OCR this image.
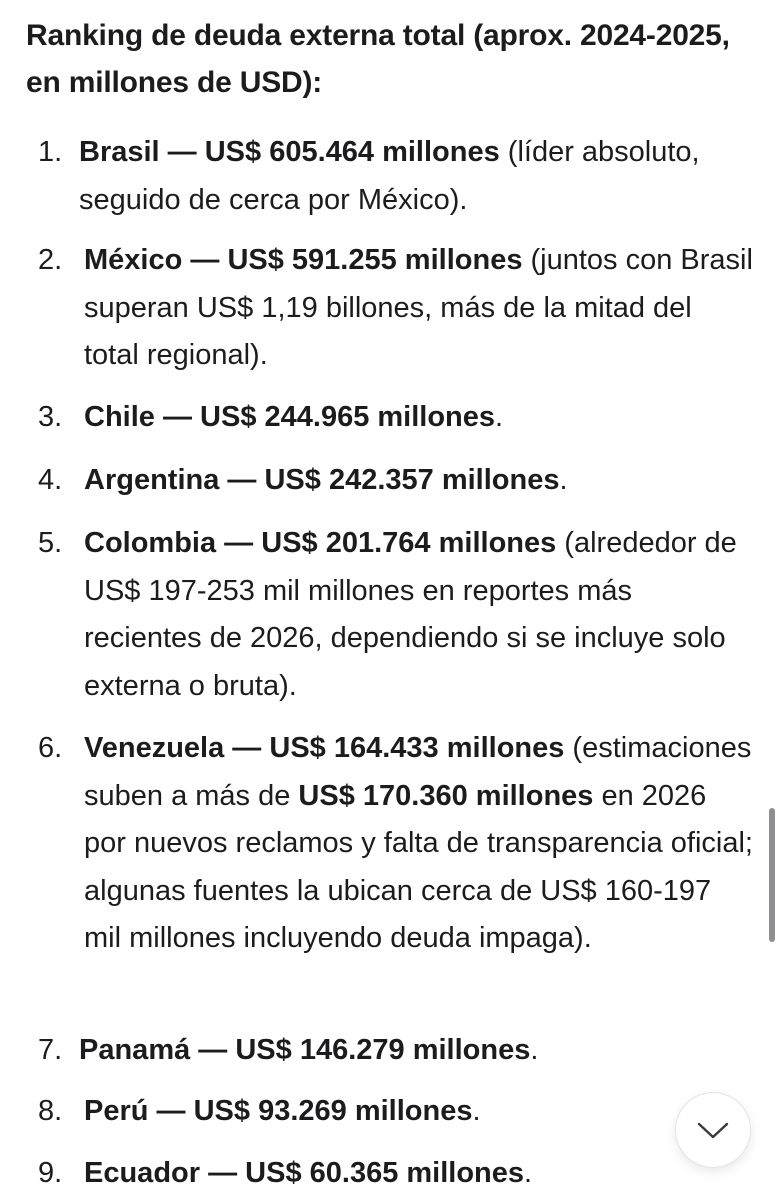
Ranking de deuda externa total (aprox. 2024-2025, en millones de USD):
1. Brasil — US$ 605.464 millones (líder absoluto, seguido de cerca por México).
2. México — US$ 591.255 millones (juntos con Brasil superan US$ 1,19 billones, más de la mitad del total regional).
3. Chile — US$ 244.965 millones.
4. Argentina — US$ 242.357 millones.
5. Colombia — US$ 201.764 millones (alrededor de US$ 197-253 mil millones en reportes más recientes de 2026, dependiendo si se incluye solo externa o bruta).
6. Venezuela — US$ 164.433 millones (estimaciones suben a más de US$ 170.360 millones en 2026 por nuevos reclamos y falta de transparencia oficial; algunas fuentes la ubican cerca de US$ 160-197 mil millones incluyendo deuda impaga).
7. Panamá — US$ 146.279 millones.
8. Perú — US$ 93.269 millones.
9. Ecuador — US$ 60.365 millones.
